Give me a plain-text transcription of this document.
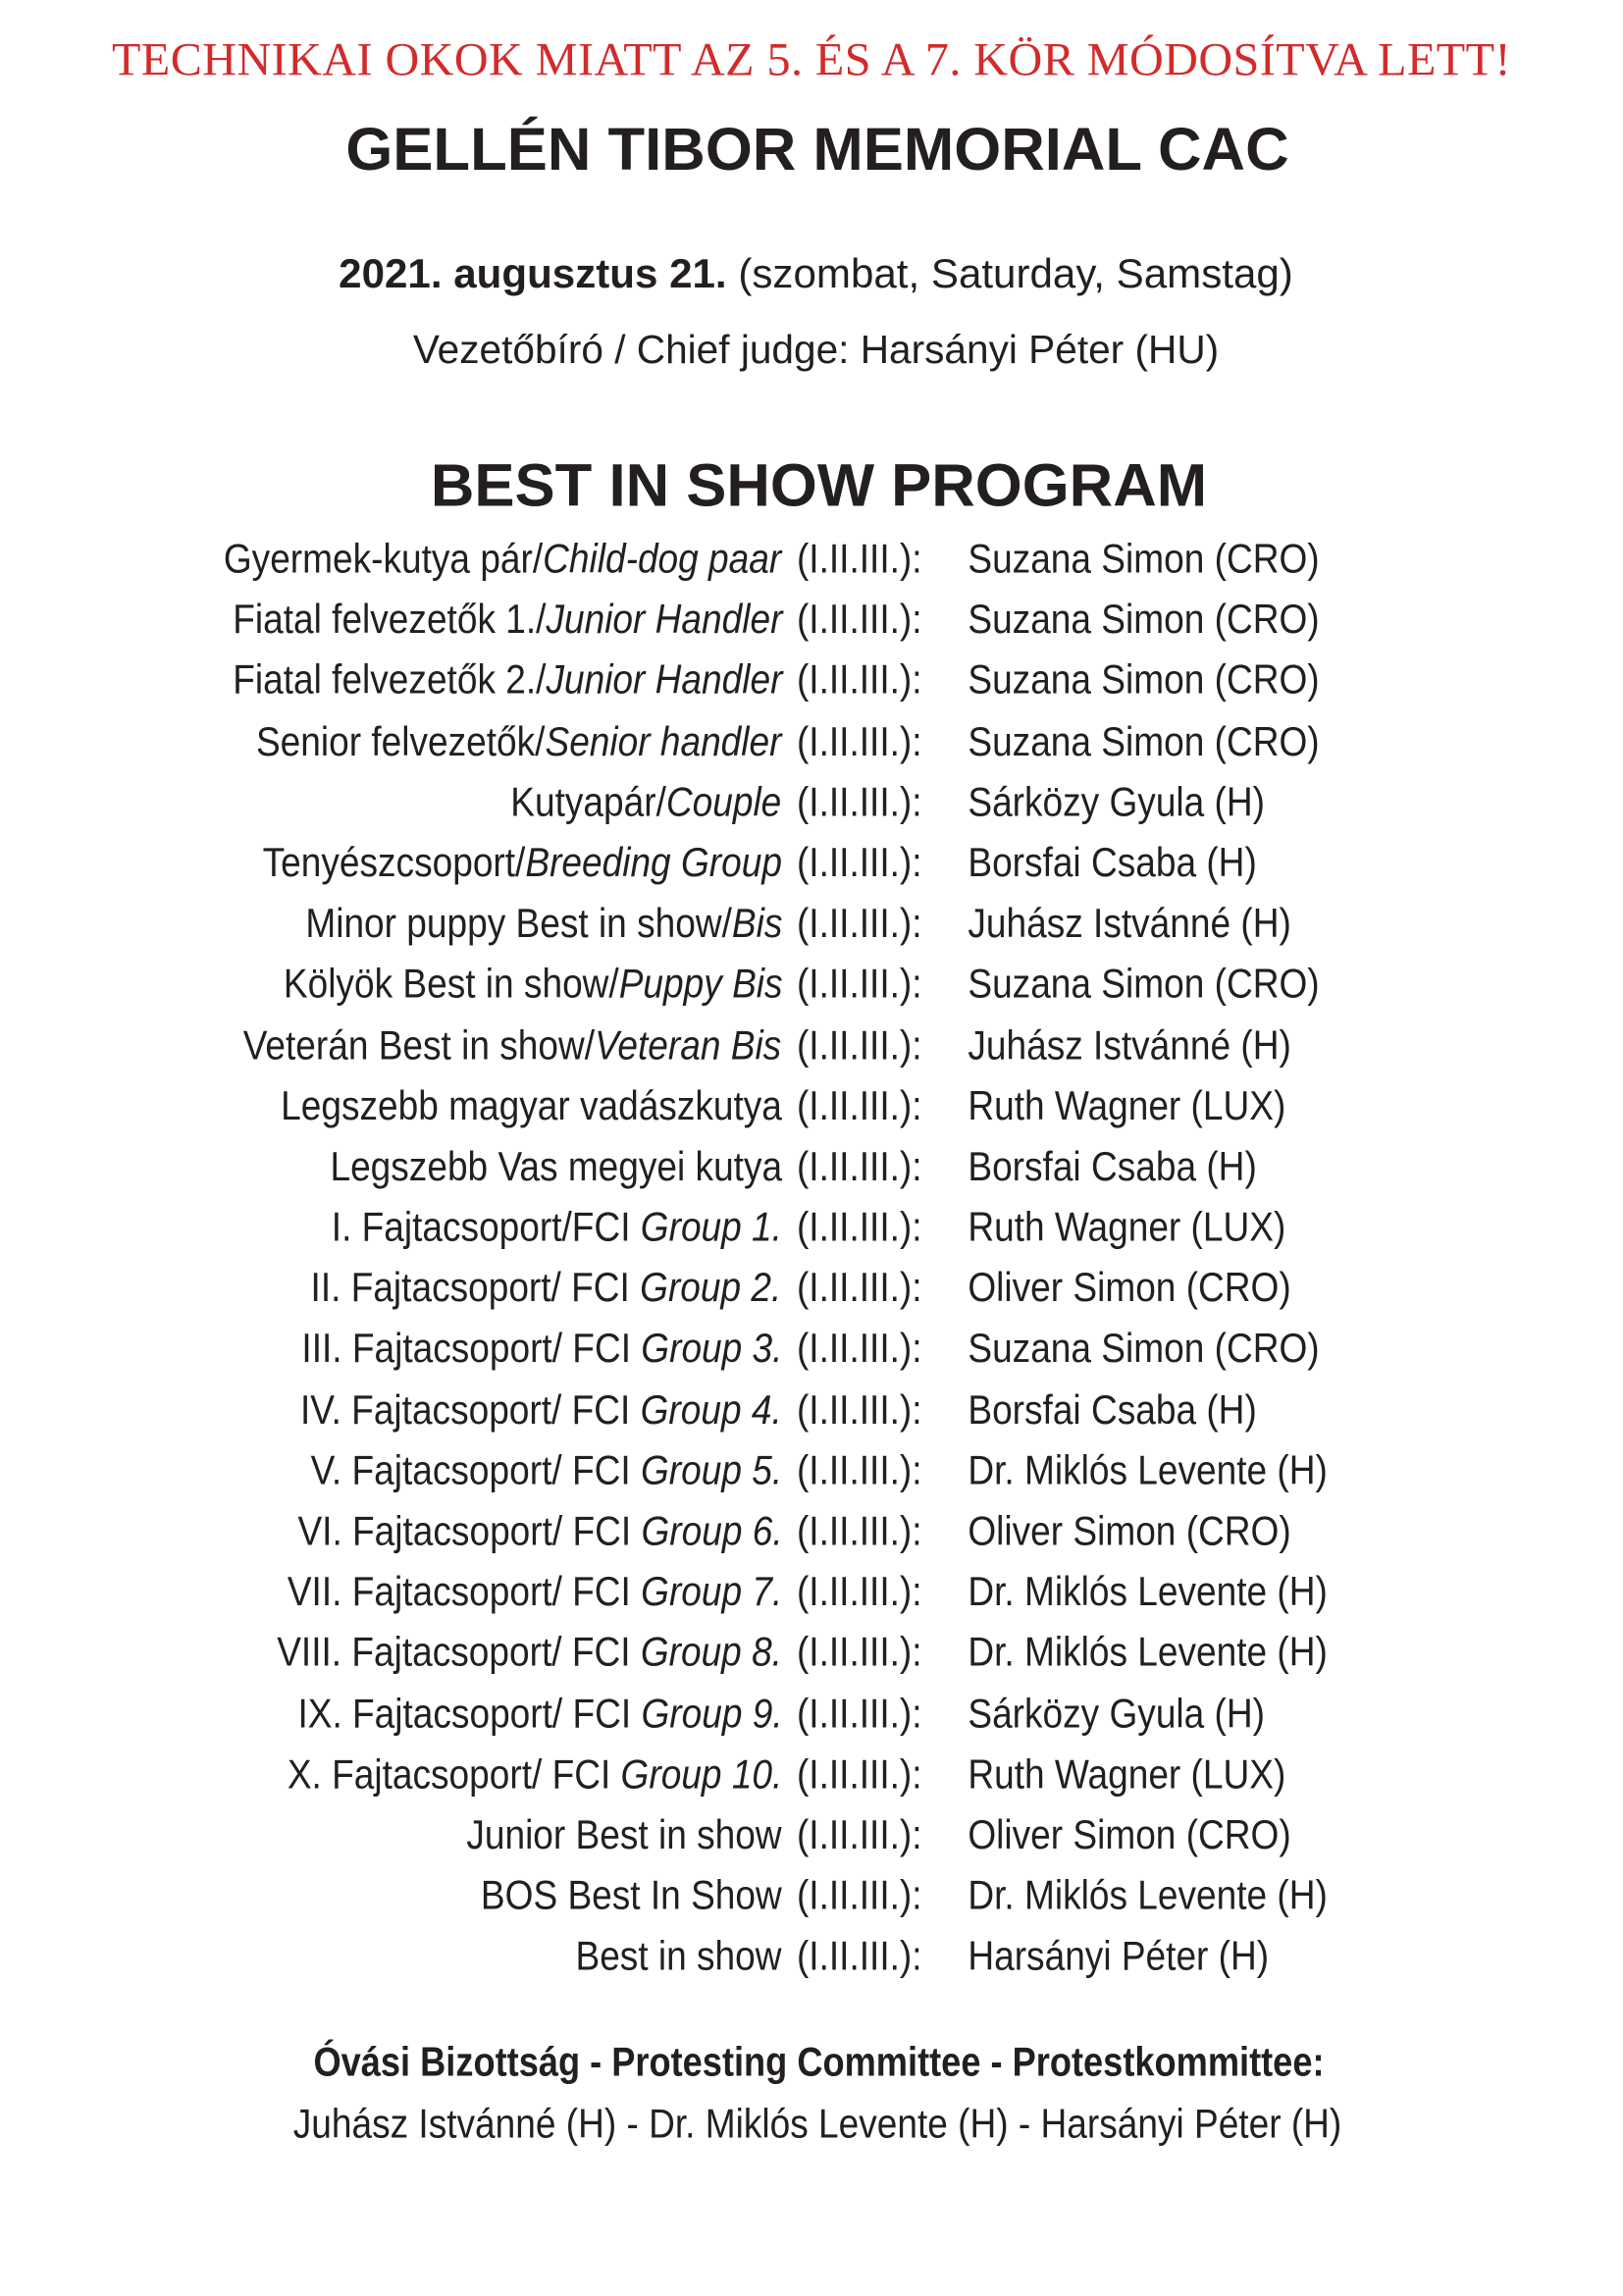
TECHNIKAI OKOK MIATT AZ 5. ÉS A 7. KÖR MÓDOSÍTVA LETT!
GELLÉN TIBOR MEMORIAL CAC
2021. augusztus 21. (szombat, Saturday, Samstag)
Vezetőbíró / Chief judge: Harsányi Péter (HU)
BEST IN SHOW PROGRAM
Gyermek-kutya pár/Child-dog paar (I.II.III.): Suzana Simon (CRO)
Fiatal felvezetők 1./Junior Handler (I.II.III.): Suzana Simon (CRO)
Fiatal felvezetők 2./Junior Handler (I.II.III.): Suzana Simon (CRO)
Senior felvezetők/Senior handler (I.II.III.): Suzana Simon (CRO)
Kutyapár/Couple (I.II.III.): Sárközy Gyula (H)
Tenyészcsoport/Breeding Group (I.II.III.): Borsfai Csaba (H)
Minor puppy Best in show/Bis (I.II.III.): Juhász Istvánné (H)
Kölyök Best in show/Puppy Bis (I.II.III.): Suzana Simon (CRO)
Veterán Best in show/Veteran Bis (I.II.III.): Juhász Istvánné (H)
Legszebb magyar vadászkutya (I.II.III.): Ruth Wagner (LUX)
Legszebb Vas megyei kutya (I.II.III.): Borsfai Csaba (H)
I. Fajtacsoport/FCI Group 1. (I.II.III.): Ruth Wagner (LUX)
II. Fajtacsoport/ FCI Group 2. (I.II.III.): Oliver Simon (CRO)
III. Fajtacsoport/ FCI Group 3. (I.II.III.): Suzana Simon (CRO)
IV. Fajtacsoport/ FCI Group 4. (I.II.III.): Borsfai Csaba (H)
V. Fajtacsoport/ FCI Group 5. (I.II.III.): Dr. Miklós Levente (H)
VI. Fajtacsoport/ FCI Group 6. (I.II.III.): Oliver Simon (CRO)
VII. Fajtacsoport/ FCI Group 7. (I.II.III.): Dr. Miklós Levente (H)
VIII. Fajtacsoport/ FCI Group 8. (I.II.III.): Dr. Miklós Levente (H)
IX. Fajtacsoport/ FCI Group 9. (I.II.III.): Sárközy Gyula (H)
X. Fajtacsoport/ FCI Group 10. (I.II.III.): Ruth Wagner (LUX)
Junior Best in show (I.II.III.): Oliver Simon (CRO)
BOS Best In Show (I.II.III.): Dr. Miklós Levente (H)
Best in show (I.II.III.): Harsányi Péter (H)
Óvási Bizottság - Protesting Committee - Protestkommittee:
Juhász Istvánné (H) - Dr. Miklós Levente (H) - Harsányi Péter (H)
